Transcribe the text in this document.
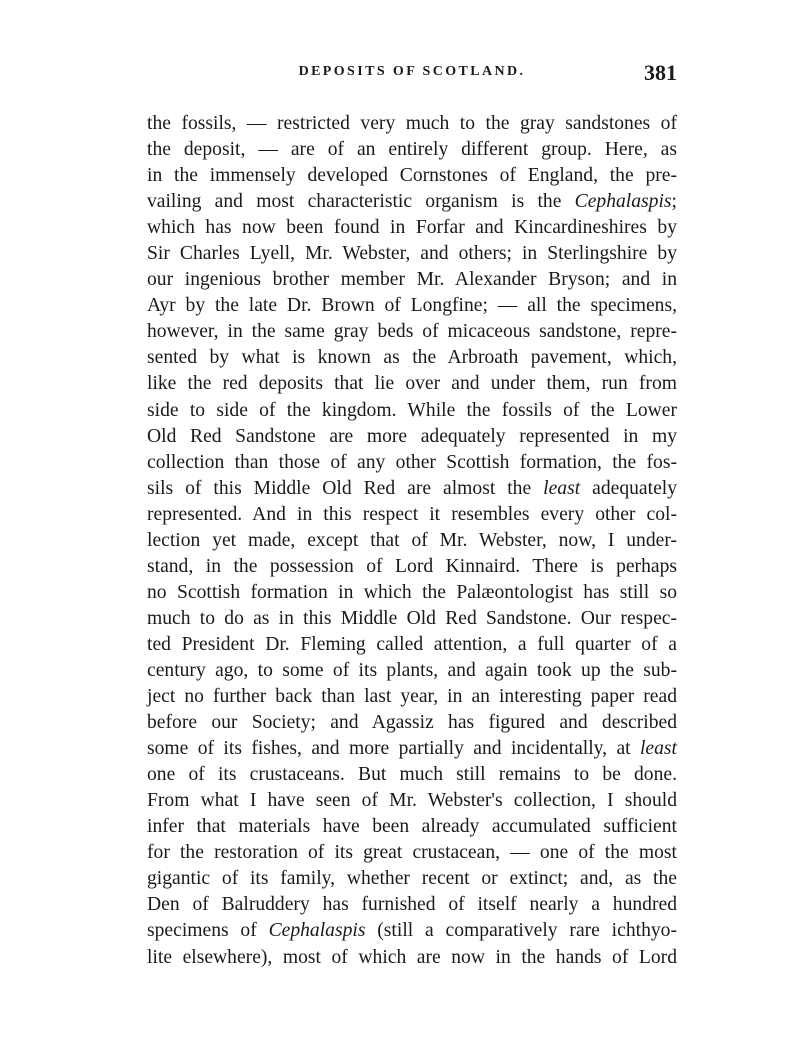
DEPOSITS OF SCOTLAND.	381
the fossils, — restricted very much to the gray sandstones of
the deposit, — are of an entirely different group. Here, as
in the immensely developed Cornstones of England, the pre-
vailing and most characteristic organism is the Cephalaspis;
which has now been found in Forfar and Kincardineshires by
Sir Charles Lyell, Mr. Webster, and others; in Sterlingshire by
our ingenious brother member Mr. Alexander Bryson; and in
Ayr by the late Dr. Brown of Longfine; — all the specimens,
however, in the same gray beds of micaceous sandstone, repre-
sented by what is known as the Arbroath pavement, which,
like the red deposits that lie over and under them, run from
side to side of the kingdom. While the fossils of the Lower
Old Red Sandstone are more adequately represented in my
collection than those of any other Scottish formation, the fos-
sils of this Middle Old Red are almost the least adequately
represented. And in this respect it resembles every other col-
lection yet made, except that of Mr. Webster, now, I under-
stand, in the possession of Lord Kinnaird. There is perhaps
no Scottish formation in which the Palæontologist has still so
much to do as in this Middle Old Red Sandstone. Our respec-
ted President Dr. Fleming called attention, a full quarter of a
century ago, to some of its plants, and again took up the sub-
ject no further back than last year, in an interesting paper read
before our Society; and Agassiz has figured and described
some of its fishes, and more partially and incidentally, at least
one of its crustaceans. But much still remains to be done.
From what I have seen of Mr. Webster's collection, I should
infer that materials have been already accumulated sufficient
for the restoration of its great crustacean, — one of the most
gigantic of its family, whether recent or extinct; and, as the
Den of Balruddery has furnished of itself nearly a hundred
specimens of Cephalaspis (still a comparatively rare ichthyo-
lite elsewhere), most of which are now in the hands of Lord
